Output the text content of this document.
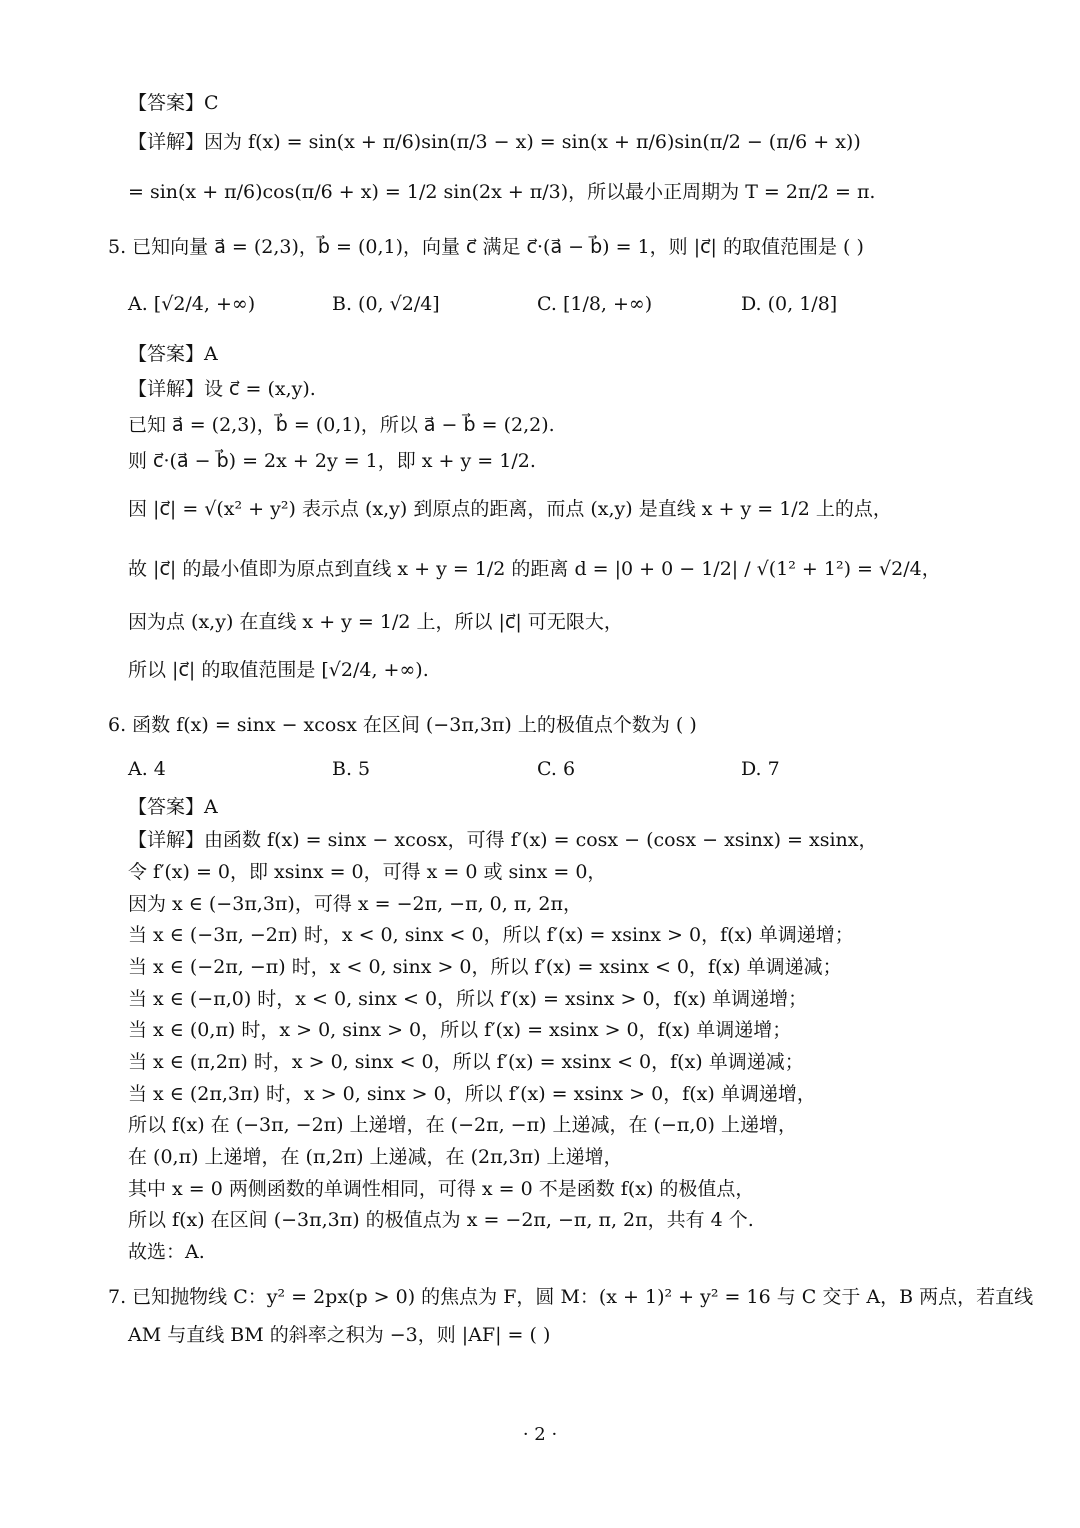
【答案】C
【详解】因为 f(x) = sin(x + π/6)sin(π/3 − x) = sin(x + π/6)sin(π/2 − (π/6 + x))
= sin(x + π/6)cos(π/6 + x) = 1/2 sin(2x + π/3)，所以最小正周期为 T = 2π/2 = π.
5. 已知向量 a⃗ = (2,3)，b⃗ = (0,1)，向量 c⃗ 满足 c⃗·(a⃗ − b⃗) = 1，则 |c⃗| 的取值范围是 ( )
A. [√2/4, +∞)	B. (0, √2/4]	C. [1/8, +∞)	D. (0, 1/8]
【答案】A
【详解】设 c⃗ = (x,y).
已知 a⃗ = (2,3)，b⃗ = (0,1)，所以 a⃗ − b⃗ = (2,2).
则 c⃗·(a⃗ − b⃗) = 2x + 2y = 1，即 x + y = 1/2.
因 |c⃗| = √(x² + y²) 表示点 (x,y) 到原点的距离，而点 (x,y) 是直线 x + y = 1/2 上的点，
故 |c⃗| 的最小值即为原点到直线 x + y = 1/2 的距离 d = |0 + 0 − 1/2| / √(1² + 1²) = √2/4，
因为点 (x,y) 在直线 x + y = 1/2 上，所以 |c⃗| 可无限大，
所以 |c⃗| 的取值范围是 [√2/4, +∞).
6. 函数 f(x) = sinx − xcosx 在区间 (−3π,3π) 上的极值点个数为 ( )
A. 4	B. 5	C. 6	D. 7
【答案】A
【详解】由函数 f(x) = sinx − xcosx，可得 f′(x) = cosx − (cosx − xsinx) = xsinx，
令 f′(x) = 0，即 xsinx = 0，可得 x = 0 或 sinx = 0，
因为 x ∈ (−3π,3π)，可得 x = −2π, −π, 0, π, 2π，
当 x ∈ (−3π, −2π) 时，x < 0, sinx < 0，所以 f′(x) = xsinx > 0，f(x) 单调递增；
当 x ∈ (−2π, −π) 时，x < 0, sinx > 0，所以 f′(x) = xsinx < 0，f(x) 单调递减；
当 x ∈ (−π,0) 时，x < 0, sinx < 0，所以 f′(x) = xsinx > 0，f(x) 单调递增；
当 x ∈ (0,π) 时，x > 0, sinx > 0，所以 f′(x) = xsinx > 0，f(x) 单调递增；
当 x ∈ (π,2π) 时，x > 0, sinx < 0，所以 f′(x) = xsinx < 0，f(x) 单调递减；
当 x ∈ (2π,3π) 时，x > 0, sinx > 0，所以 f′(x) = xsinx > 0，f(x) 单调递增，
所以 f(x) 在 (−3π, −2π) 上递增，在 (−2π, −π) 上递减，在 (−π,0) 上递增，
在 (0,π) 上递增，在 (π,2π) 上递减，在 (2π,3π) 上递增，
其中 x = 0 两侧函数的单调性相同，可得 x = 0 不是函数 f(x) 的极值点，
所以 f(x) 在区间 (−3π,3π) 的极值点为 x = −2π, −π, π, 2π，共有 4 个.
故选：A.
7. 已知抛物线 C：y² = 2px(p > 0) 的焦点为 F，圆 M：(x + 1)² + y² = 16 与 C 交于 A，B 两点，若直线
AM 与直线 BM 的斜率之积为 −3，则 |AF| = ( )
· 2 ·
